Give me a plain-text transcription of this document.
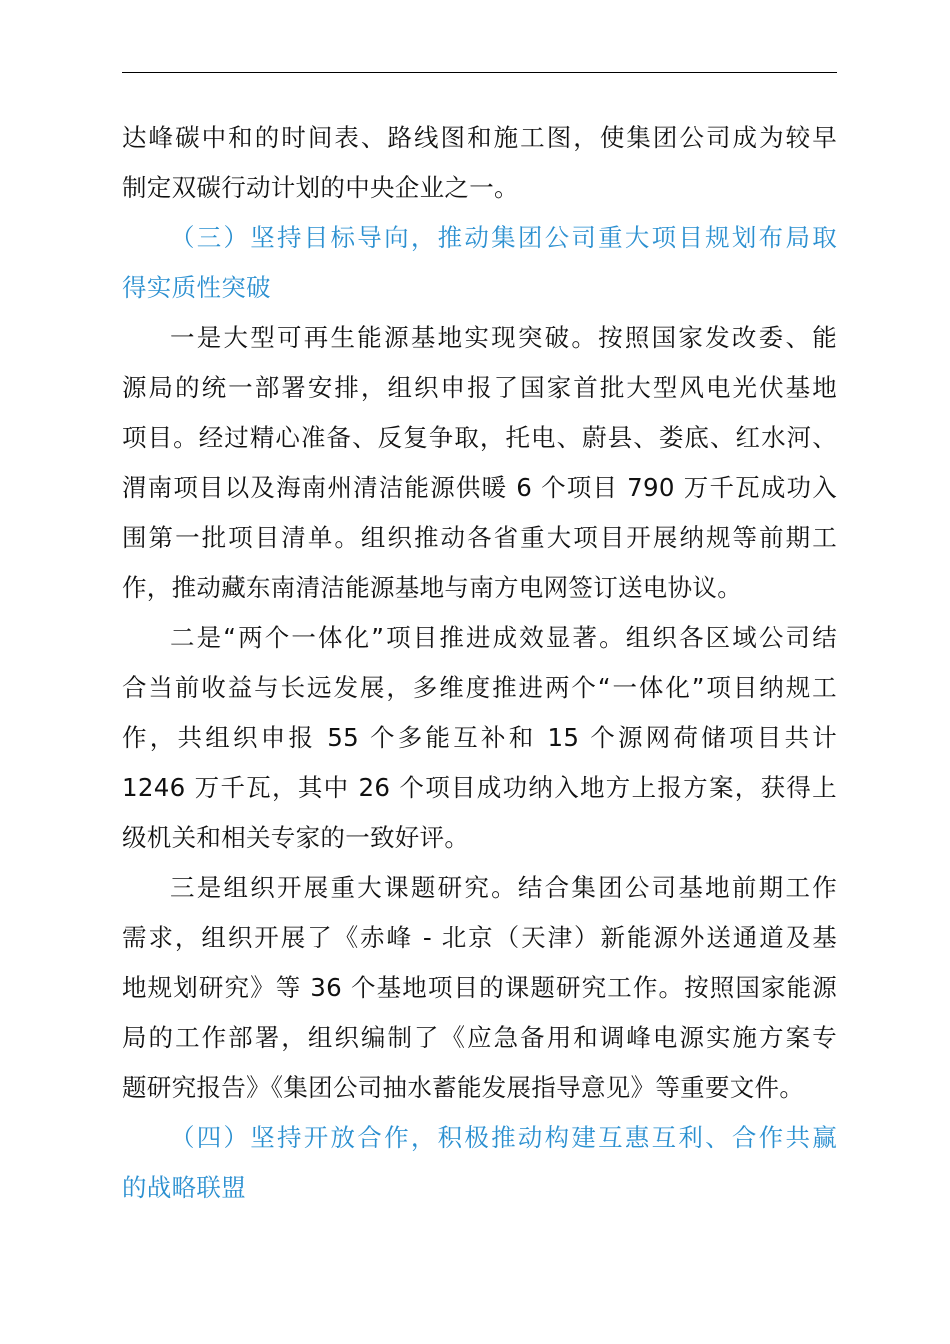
达峰碳中和的时间表、路线图和施工图，使集团公司成为较早
制定双碳行动计划的中央企业之一。
（三）坚持目标导向，推动集团公司重大项目规划布局取
得实质性突破
一是大型可再生能源基地实现突破。按照国家发改委、能
源局的统一部署安排，组织申报了国家首批大型风电光伏基地
项目。经过精心准备、反复争取，托电、蔚县、娄底、红水河、
渭南项目以及海南州清洁能源供暖 6 个项目 790 万千瓦成功入
围第一批项目清单。组织推动各省重大项目开展纳规等前期工
作，推动藏东南清洁能源基地与南方电网签订送电协议。
二是“两个一体化”项目推进成效显著。组织各区域公司结
合当前收益与长远发展，多维度推进两个“一体化”项目纳规工
作，共组织申报 55 个多能互补和 15 个源网荷储项目共计
1246 万千瓦，其中 26 个项目成功纳入地方上报方案，获得上
级机关和相关专家的一致好评。
三是组织开展重大课题研究。结合集团公司基地前期工作
需求，组织开展了《赤峰 - 北京（天津）新能源外送通道及基
地规划研究》等 36 个基地项目的课题研究工作。按照国家能源
局的工作部署，组织编制了《应急备用和调峰电源实施方案专
题研究报告》《集团公司抽水蓄能发展指导意见》等重要文件。
（四）坚持开放合作，积极推动构建互惠互利、合作共赢
的战略联盟
